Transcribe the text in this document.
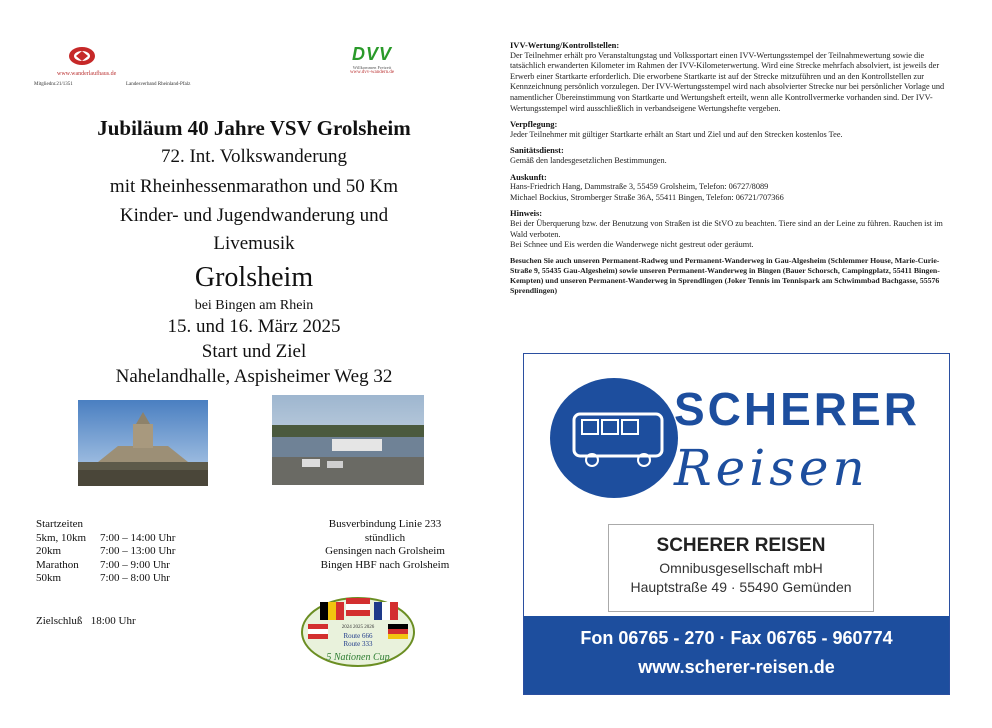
www.wanderlaufhaus.de
Mitgliednr.21/1351	Landesverband Rheinland-Pfalz
DVV
Willkommen Freizeit
www.dvv-wandern.de
Jubiläum 40 Jahre VSV Grolsheim
72. Int. Volkswanderung
mit Rheinhessenmarathon und 50 Km
Kinder- und Jugendwanderung und
Livemusik
Grolsheim
bei Bingen am Rhein
15. und 16. März 2025
Start und Ziel
Nahelandhalle, Aspisheimer Weg 32
Startzeiten
5km, 10km 7:00 – 14:00 Uhr
20km	7:00 – 13:00 Uhr
Marathon 7:00 – 9:00 Uhr
50km	7:00 – 8:00 Uhr
Zielschluß 18:00 Uhr
Busverbindung Linie 233
stündlich
Gensingen nach Grolsheim
Bingen HBF nach Grolsheim
2024 2025 2026
Route 666
Route 333
5 Nationen Cup
IVV-Wertung/Kontrollstellen:

Der Teilnehmer erhält pro Veranstaltungstag und Volkssportart einen IVV-Wertungsstempel der Teilnahmewertung sowie die tatsächlich erwanderten Kilometer im Rahmen der IVV-Kilometerwertung. Wird eine Strecke mehrfach absolviert, ist jeweils der Erwerb einer Startkarte erforderlich. Die erworbene Startkarte ist auf der Strecke mitzuführen und an den Kontrollstellen zur Kennzeichnung persönlich vorzulegen. Der IVV-Wertungsstempel wird nach absolvierter Strecke nur bei persönlicher Vorlage und namentlicher Übereinstimmung von Startkarte und Wertungsheft erteilt, wenn alle Kontrollvermerke vorhanden sind. Der IVV-Wertungsstempel wird ausschließlich in verbandseigene Wertungshefte vergeben.

Verpflegung:

Jeder Teilnehmer mit gültiger Startkarte erhält an Start und Ziel und auf den Strecken kostenlos Tee.

Sanitätsdienst:

Gemäß den landesgesetzlichen Bestimmungen.

Auskunft:
Hans-Friedrich Hang, Dammstraße 3, 55459 Grolsheim, Telefon: 06727/8089

Michael Bockius, Stromberger Straße 36A, 55411 Bingen, Telefon: 06721/707366

Hinweis:
Bei der Überquerung bzw. der Benutzung von Straßen ist die StVO zu beachten. Tiere sind an der Leine zu führen. Rauchen ist im Wald verboten.

Bei Schnee und Eis werden die Wanderwege nicht gestreut oder geräumt.

Besuchen Sie auch unseren Permanent-Radweg und Permanent-Wanderweg in Gau-Algesheim (Schlemmer House, Marie-Curie-Straße 9, 55435 Gau-Algesheim) sowie unseren Permanent-Wanderweg in Bingen (Bauer Schorsch, Campingplatz, 55411 Bingen-Kempten) und unseren Permanent-Wanderweg in Sprendlingen (Joker Tennis im Tennispark am Schwimmbad Bachgasse, 55576 Sprendlingen)

SCHERER
Reisen
SCHERER REISEN
Omnibusgesellschaft mbH
Hauptstraße 49 · 55490 Gemünden
Fon 06765 - 270 · Fax 06765 - 960774
www.scherer-reisen.de
